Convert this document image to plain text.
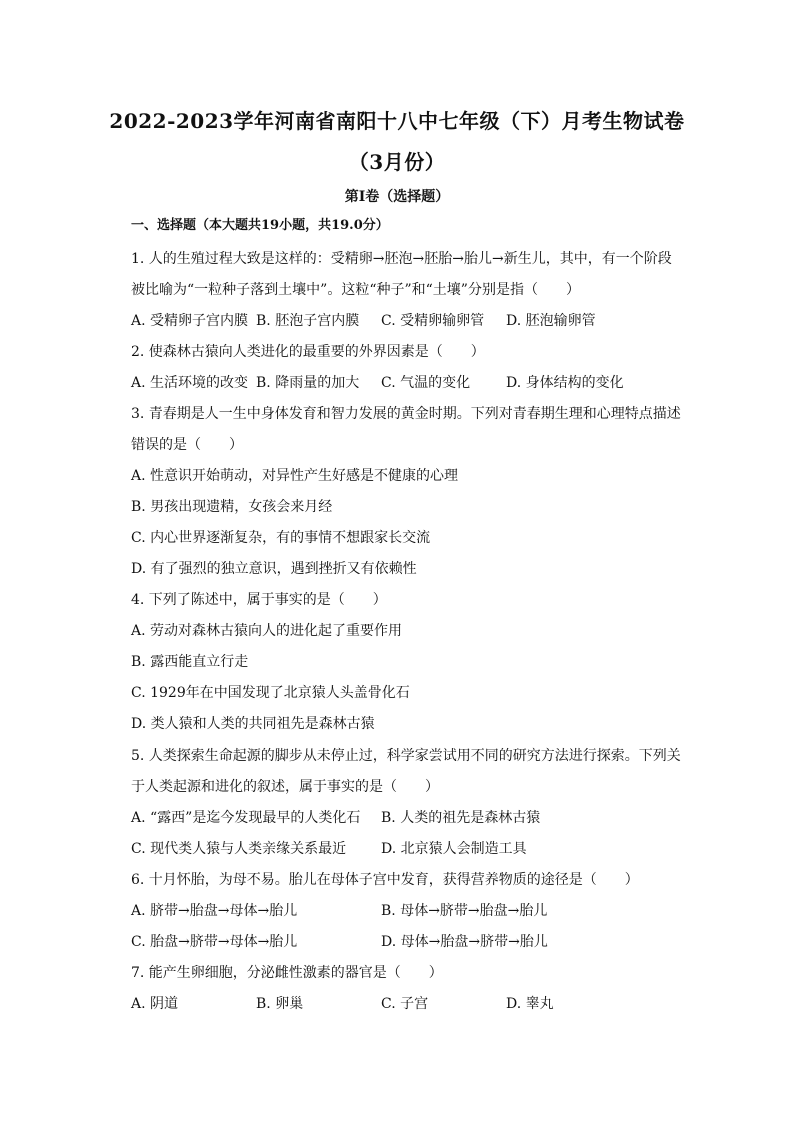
2022-2023学年河南省南阳十八中七年级（下）月考生物试卷
（3月份）
第I卷（选择题）
一、选择题（本大题共19小题，共19.0分）
1. 人的生殖过程大致是这样的：受精卵→胚泡→胚胎→胎儿→新生儿，其中，有一个阶段
被比喻为“一粒种子落到土壤中”。这粒“种子”和“土壤”分别是指（　　）
A. 受精卵子宫内膜 B. 胚泡子宫内膜 C. 受精卵输卵管 D. 胚泡输卵管
2. 使森林古猿向人类进化的最重要的外界因素是（　　）
A. 生活环境的改变 B. 降雨量的加大 C. 气温的变化	D. 身体结构的变化
3. 青春期是人一生中身体发育和智力发展的黄金时期。下列对青春期生理和心理特点描述
错误的是（　　）
A. 性意识开始萌动，对异性产生好感是不健康的心理
B. 男孩出现遗精，女孩会来月经
C. 内心世界逐渐复杂，有的事情不想跟家长交流
D. 有了强烈的独立意识，遇到挫折又有依赖性
4. 下列了陈述中，属于事实的是（　　）
A. 劳动对森林古猿向人的进化起了重要作用
B. 露西能直立行走
C. 1929年在中国发现了北京猿人头盖骨化石
D. 类人猿和人类的共同祖先是森林古猿
5. 人类探索生命起源的脚步从未停止过，科学家尝试用不同的研究方法进行探索。下列关
于人类起源和进化的叙述，属于事实的是（　　）
A. “露西”是迄今发现最早的人类化石 B. 人类的祖先是森林古猿
C. 现代类人猿与人类亲缘关系最近 D. 北京猿人会制造工具
6. 十月怀胎，为母不易。胎儿在母体子宫中发育，获得营养物质的途径是（　　）
A. 脐带→胎盘→母体→胎儿	B. 母体→脐带→胎盘→胎儿
C. 胎盘→脐带→母体→胎儿	D. 母体→胎盘→脐带→胎儿
7. 能产生卵细胞，分泌雌性激素的器官是（　　）
A. 阴道	B. 卵巢	C. 子宫	D. 睾丸
